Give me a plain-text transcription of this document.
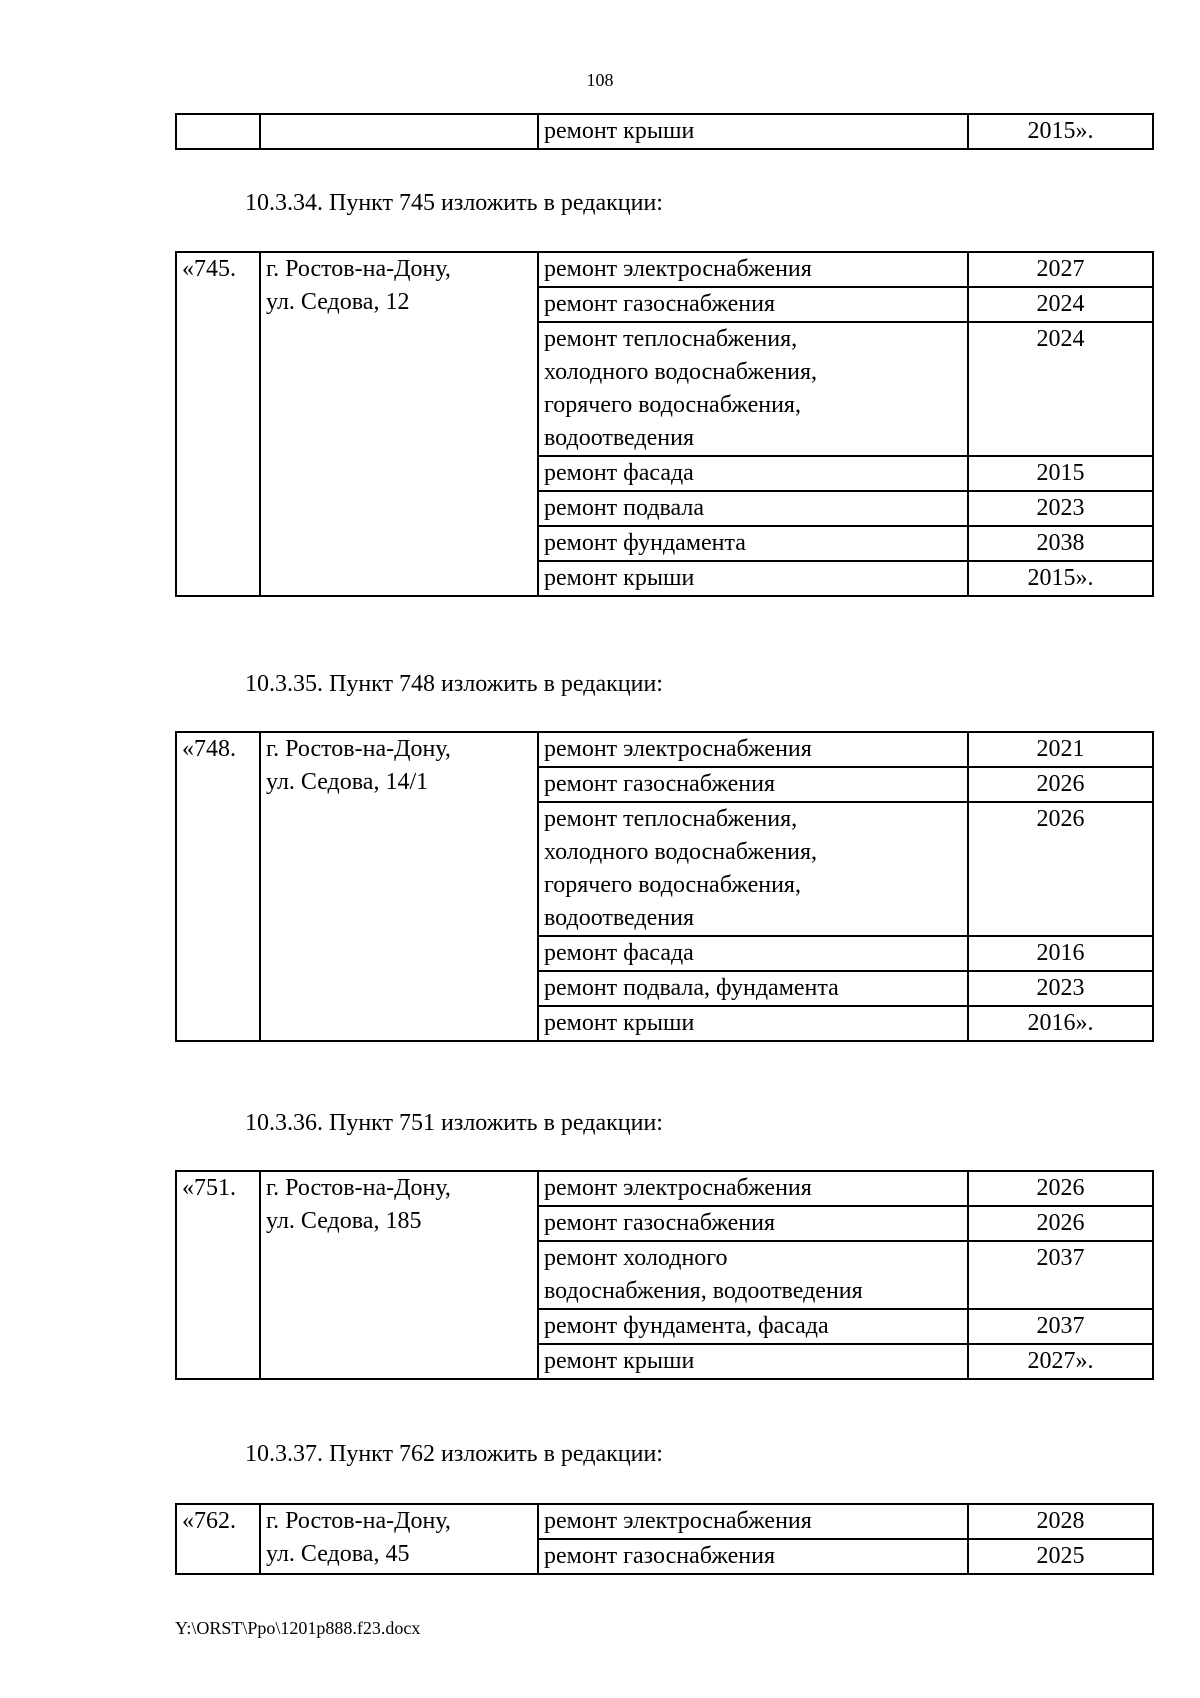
108
		ремонт крыши	2015».
10.3.34. Пункт 745 изложить в редакции:
«745.	г. Ростов-на-Дону,
ул. Седова, 12	ремонт электроснабжения	2027
		ремонт газоснабжения	2024
		ремонт теплоснабжения,
холодного водоснабжения,
горячего водоснабжения,
водоотведения	2024
		ремонт фасада	2015
		ремонт подвала	2023
		ремонт фундамента	2038
		ремонт крыши	2015».
10.3.35. Пункт 748 изложить в редакции:
«748.	г. Ростов-на-Дону,
ул. Седова, 14/1	ремонт электроснабжения	2021
		ремонт газоснабжения	2026
		ремонт теплоснабжения,
холодного водоснабжения,
горячего водоснабжения,
водоотведения	2026
		ремонт фасада	2016
		ремонт подвала, фундамента	2023
		ремонт крыши	2016».
10.3.36. Пункт 751 изложить в редакции:
«751.	г. Ростов-на-Дону,
ул. Седова, 185	ремонт электроснабжения	2026
		ремонт газоснабжения	2026
		ремонт холодного
водоснабжения, водоотведения	2037
		ремонт фундамента, фасада	2037
		ремонт крыши	2027».
10.3.37. Пункт 762 изложить в редакции:
«762.	г. Ростов-на-Дону,
ул. Седова, 45	ремонт электроснабжения	2028
		ремонт газоснабжения	2025
Y:\ORST\Ppo\1201p888.f23.docx
